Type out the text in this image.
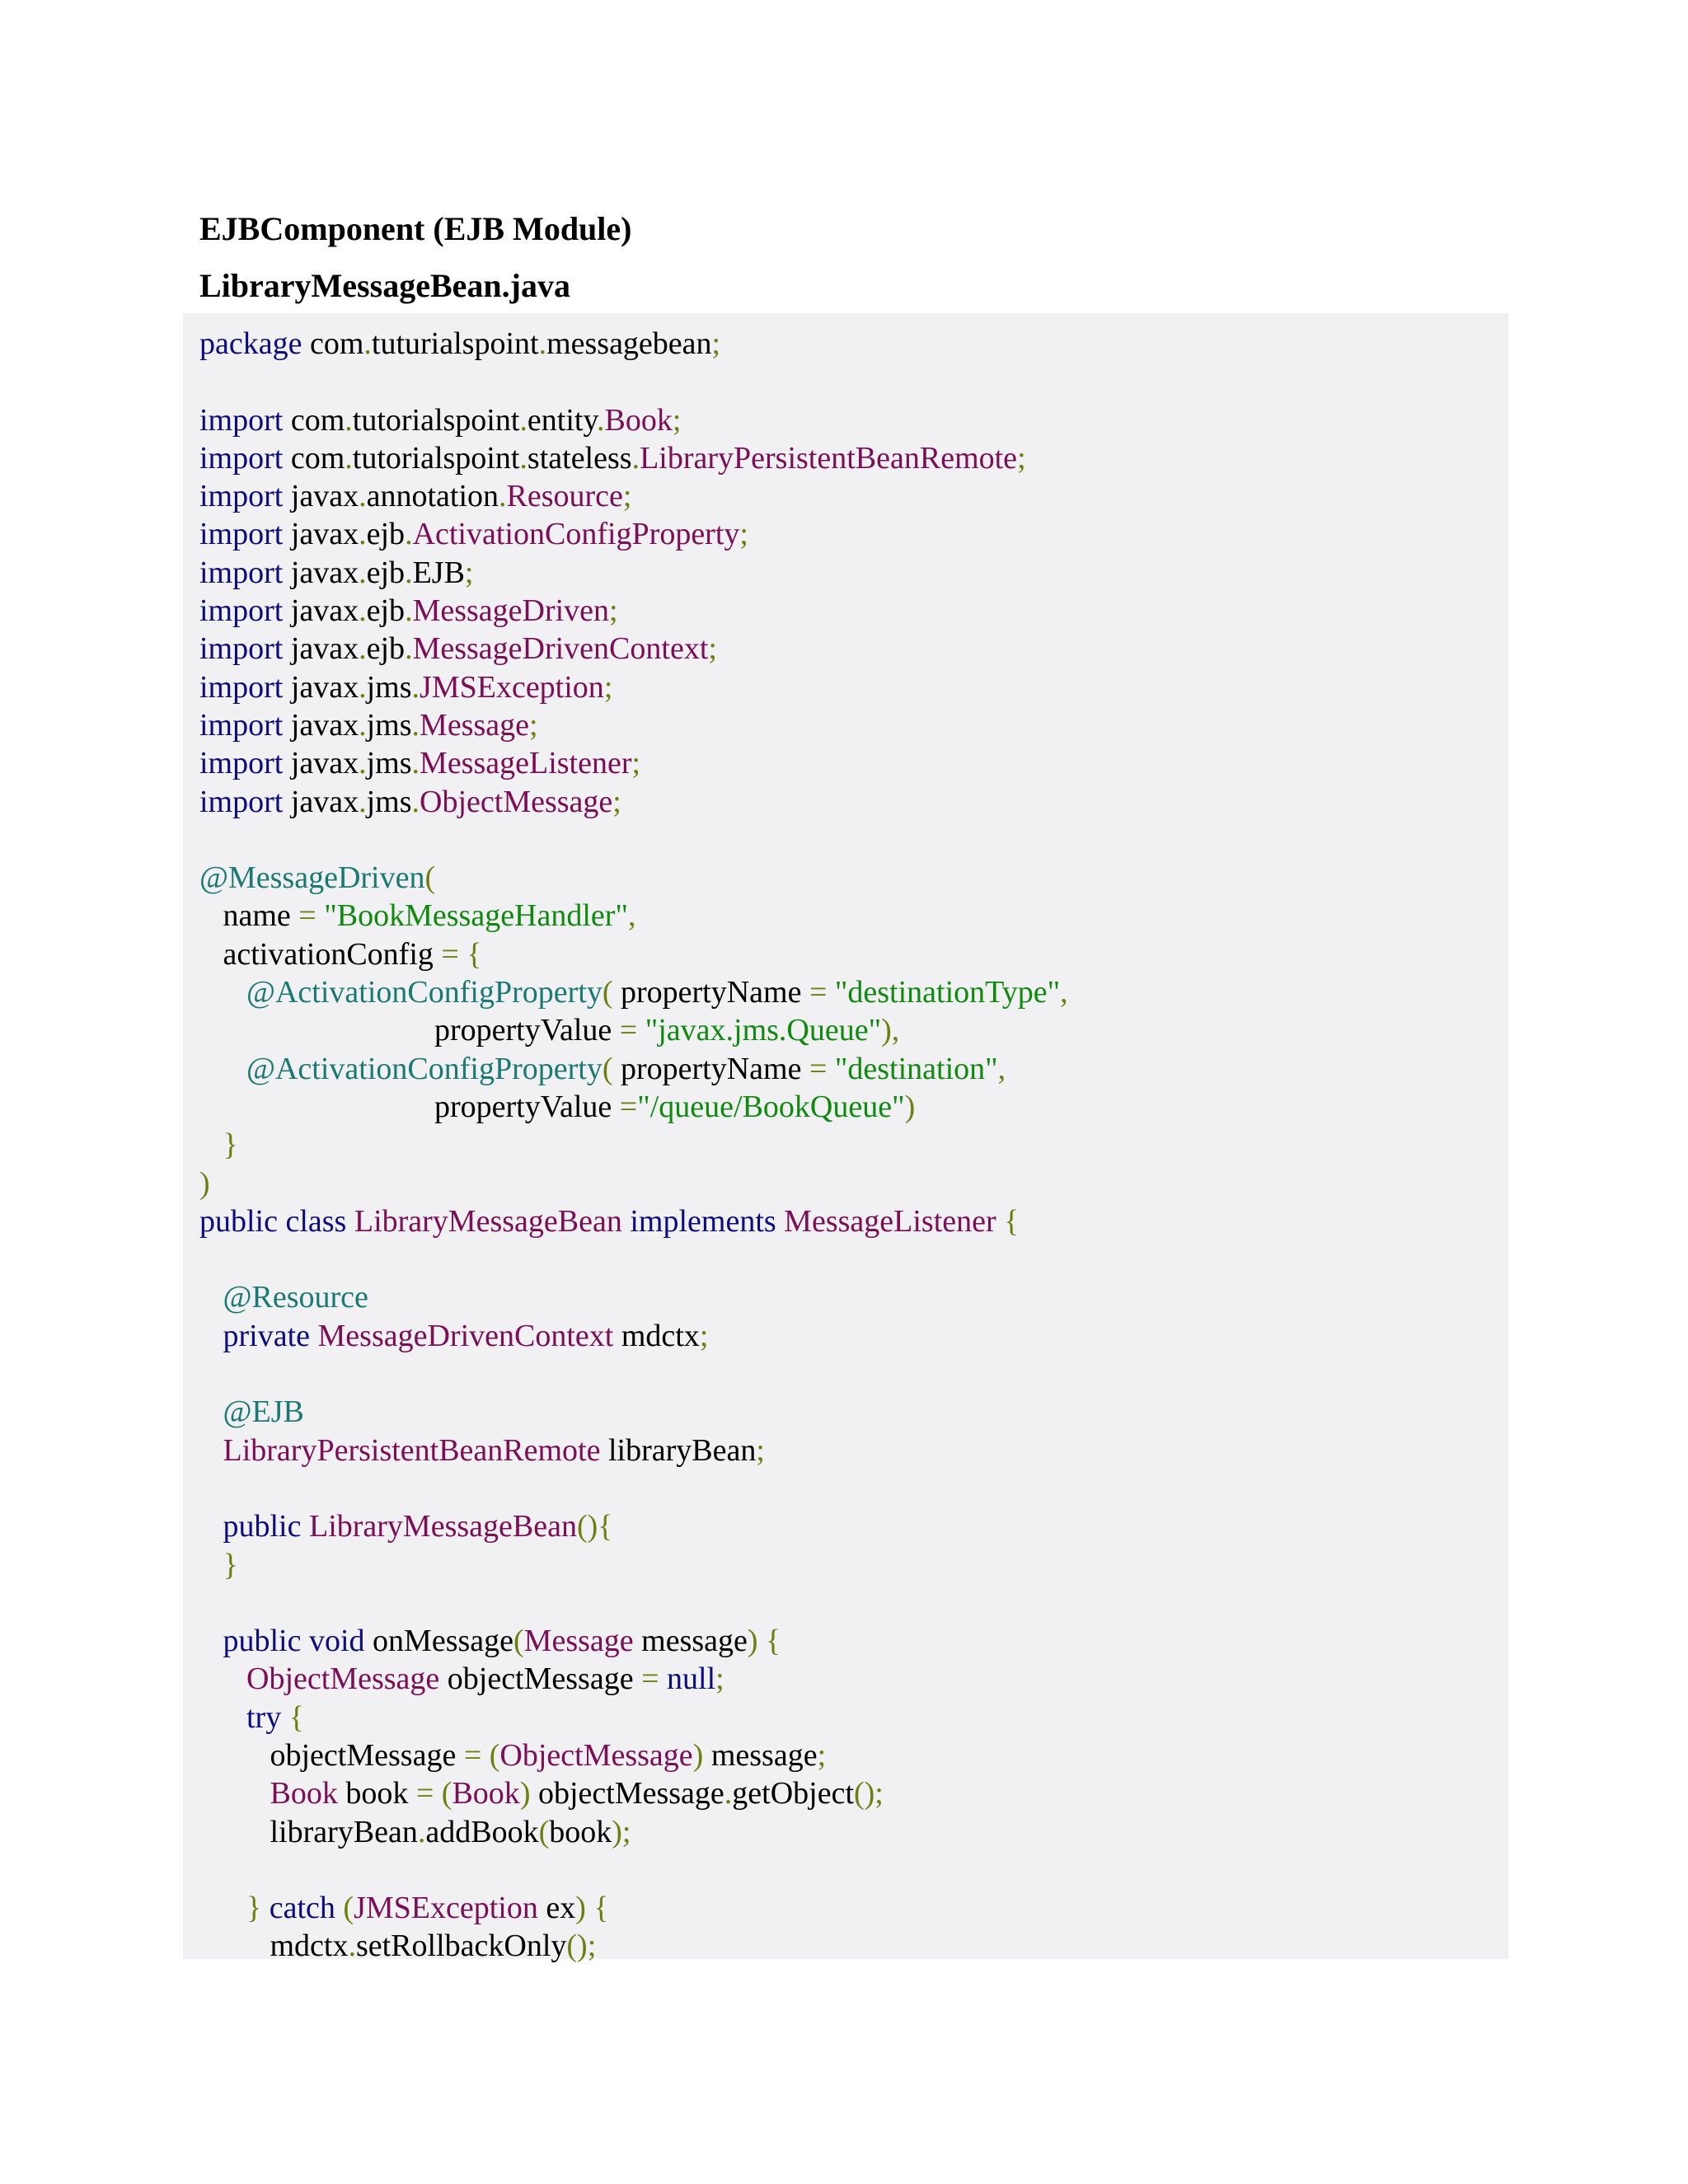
EJBComponent (EJB Module)
LibraryMessageBean.java
package com.tuturialspoint.messagebean;

import com.tutorialspoint.entity.Book;
import com.tutorialspoint.stateless.LibraryPersistentBeanRemote;
import javax.annotation.Resource;
import javax.ejb.ActivationConfigProperty;
import javax.ejb.EJB;
import javax.ejb.MessageDriven;
import javax.ejb.MessageDrivenContext;
import javax.jms.JMSException;
import javax.jms.Message;
import javax.jms.MessageListener;
import javax.jms.ObjectMessage;

@MessageDriven(
name = "BookMessageHandler",
activationConfig = {
@ActivationConfigProperty( propertyName = "destinationType",
propertyValue = "javax.jms.Queue"),
@ActivationConfigProperty( propertyName = "destination",
propertyValue ="/queue/BookQueue")
}
)
public class LibraryMessageBean implements MessageListener {

@Resource
private MessageDrivenContext mdctx;

@EJB
LibraryPersistentBeanRemote libraryBean;

public LibraryMessageBean(){
}

public void onMessage(Message message) {
ObjectMessage objectMessage = null;
try {
objectMessage = (ObjectMessage) message;
Book book = (Book) objectMessage.getObject();
libraryBean.addBook(book);

} catch (JMSException ex) {
mdctx.setRollbackOnly();
